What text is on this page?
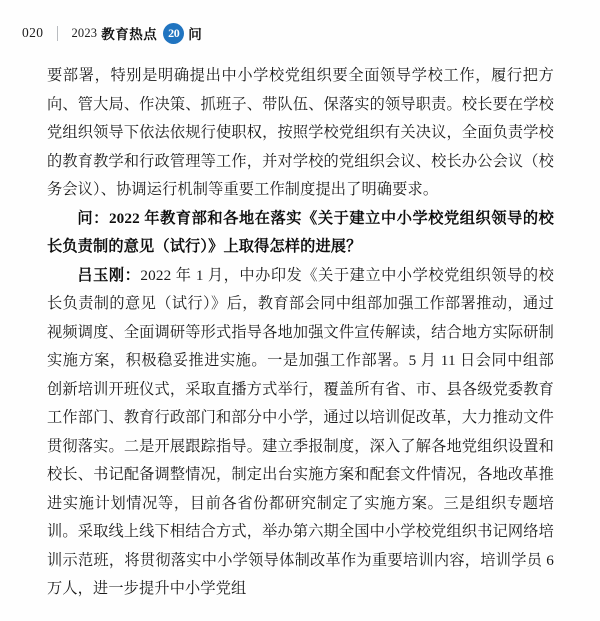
020 2023 教育热点 20 问

要部署，特别是明确提出中小学校党组织要全面领导学校工作，履行把方向、管大局、作决策、抓班子、带队伍、保落实的领导职责。校长要在学校党组织领导下依法依规行使职权，按照学校党组织有关决议，全面负责学校的教育教学和行政管理等工作，并对学校的党组织会议、校长办公会议（校务会议）、协调运行机制等重要工作制度提出了明确要求。

问：2022 年教育部和各地在落实《关于建立中小学校党组织领导的校长负责制的意见（试行）》上取得怎样的进展？

吕玉刚：2022 年 1 月，中办印发《关于建立中小学校党组织领导的校长负责制的意见（试行）》后，教育部会同中组部加强工作部署推动，通过视频调度、全面调研等形式指导各地加强文件宣传解读，结合地方实际研制实施方案，积极稳妥推进实施。一是加强工作部署。5 月 11 日会同中组部创新培训开班仪式，采取直播方式举行，覆盖所有省、市、县各级党委教育工作部门、教育行政部门和部分中小学，通过以培训促改革，大力推动文件贯彻落实。二是开展跟踪指导。建立季报制度，深入了解各地党组织设置和校长、书记配备调整情况，制定出台实施方案和配套文件情况，各地改革推进实施计划情况等，目前各省份都研究制定了实施方案。三是组织专题培训。采取线上线下相结合方式，举办第六期全国中小学校党组织书记网络培训示范班，将贯彻落实中小学领导体制改革作为重要培训内容，培训学员 6 万人，进一步提升中小学党组
